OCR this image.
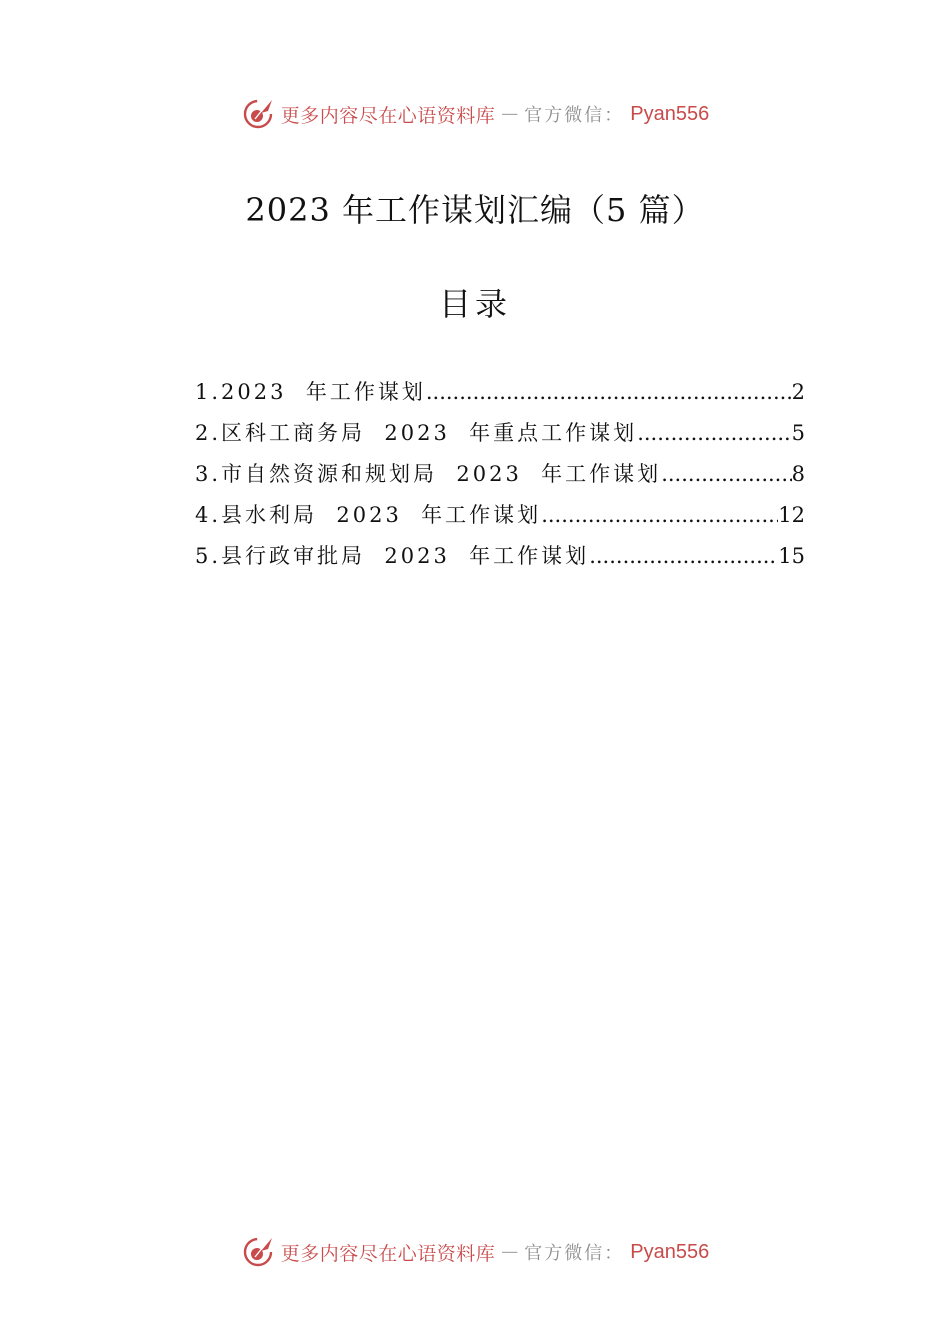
更多内容尽在心语资料库 — 官方微信： Pyan556
2023 年工作谋划汇编（5 篇）
目录
1.2023  年工作谋划 .....	2
2.区科工商务局  2023  年重点工作谋划 .....	5
3.市自然资源和规划局  2023  年工作谋划 .....	8
4.县水利局  2023  年工作谋划 .....	12
5.县行政审批局  2023  年工作谋划 .....	15
更多内容尽在心语资料库 — 官方微信： Pyan556
